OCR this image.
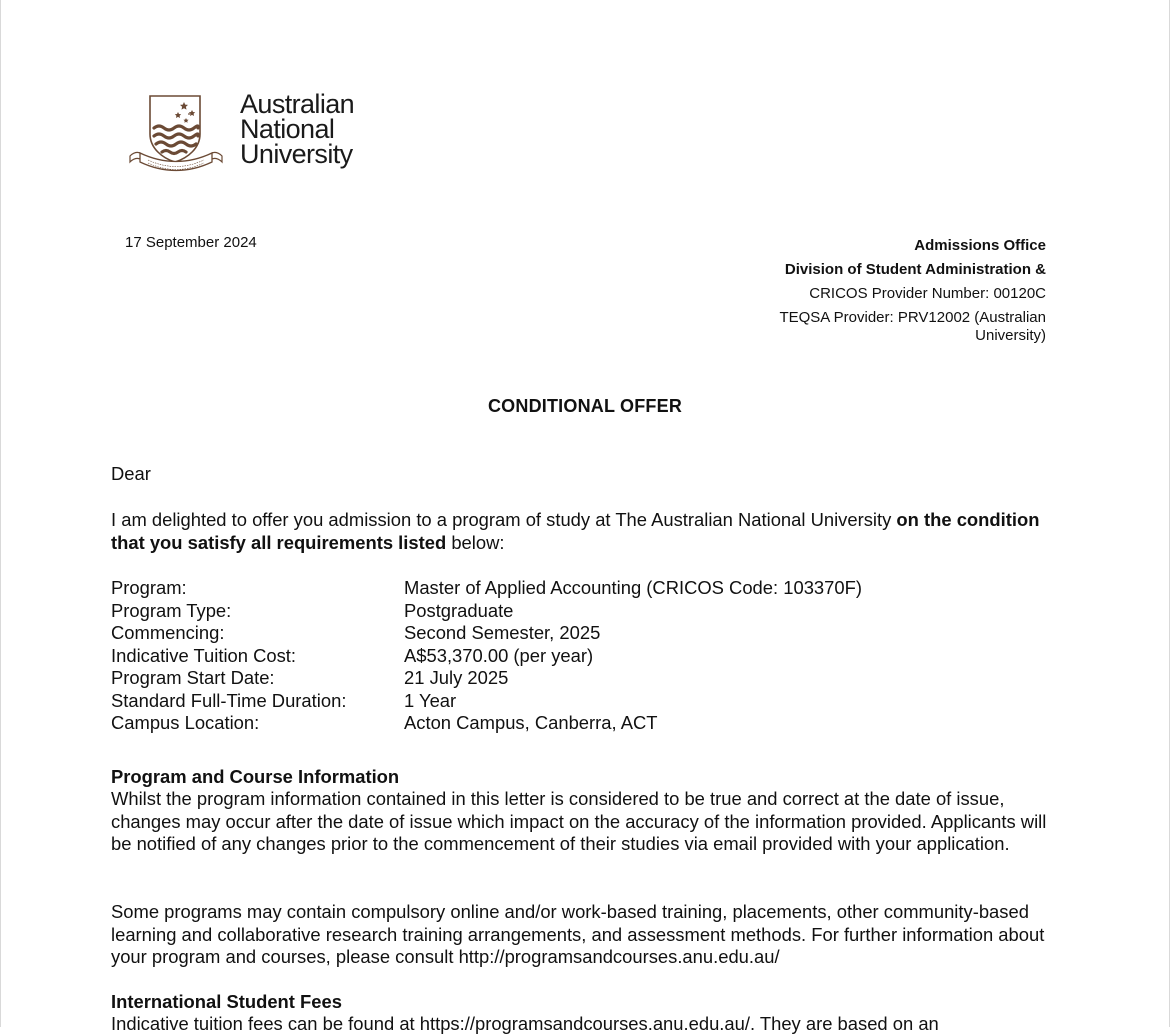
Australian
National
University
17 September 2024	Admissions Office
Division of Student Administration &
CRICOS Provider Number: 00120C
TEQSA Provider: PRV12002 (Australian
University)
CONDITIONAL OFFER
Dear
I am delighted to offer you admission to a program of study at The Australian National University on the condition that you satisfy all requirements listed below:
Program:	Master of Applied Accounting (CRICOS Code: 103370F)
Program Type:	Postgraduate
Commencing:	Second Semester, 2025
Indicative Tuition Cost:	A$53,370.00 (per year)
Program Start Date:	21 July 2025
Standard Full-Time Duration:	1 Year
Campus Location:	Acton Campus, Canberra, ACT
Program and Course Information
Whilst the program information contained in this letter is considered to be true and correct at the date of issue, changes may occur after the date of issue which impact on the accuracy of the information provided. Applicants will be notified of any changes prior to the commencement of their studies via email provided with your application.
Some programs may contain compulsory online and/or work-based training, placements, other community-based learning and collaborative research training arrangements, and assessment methods. For further information about your program and courses, please consult http://programsandcourses.anu.edu.au/
International Student Fees
Indicative tuition fees can be found at https://programsandcourses.anu.edu.au/. They are based on an
